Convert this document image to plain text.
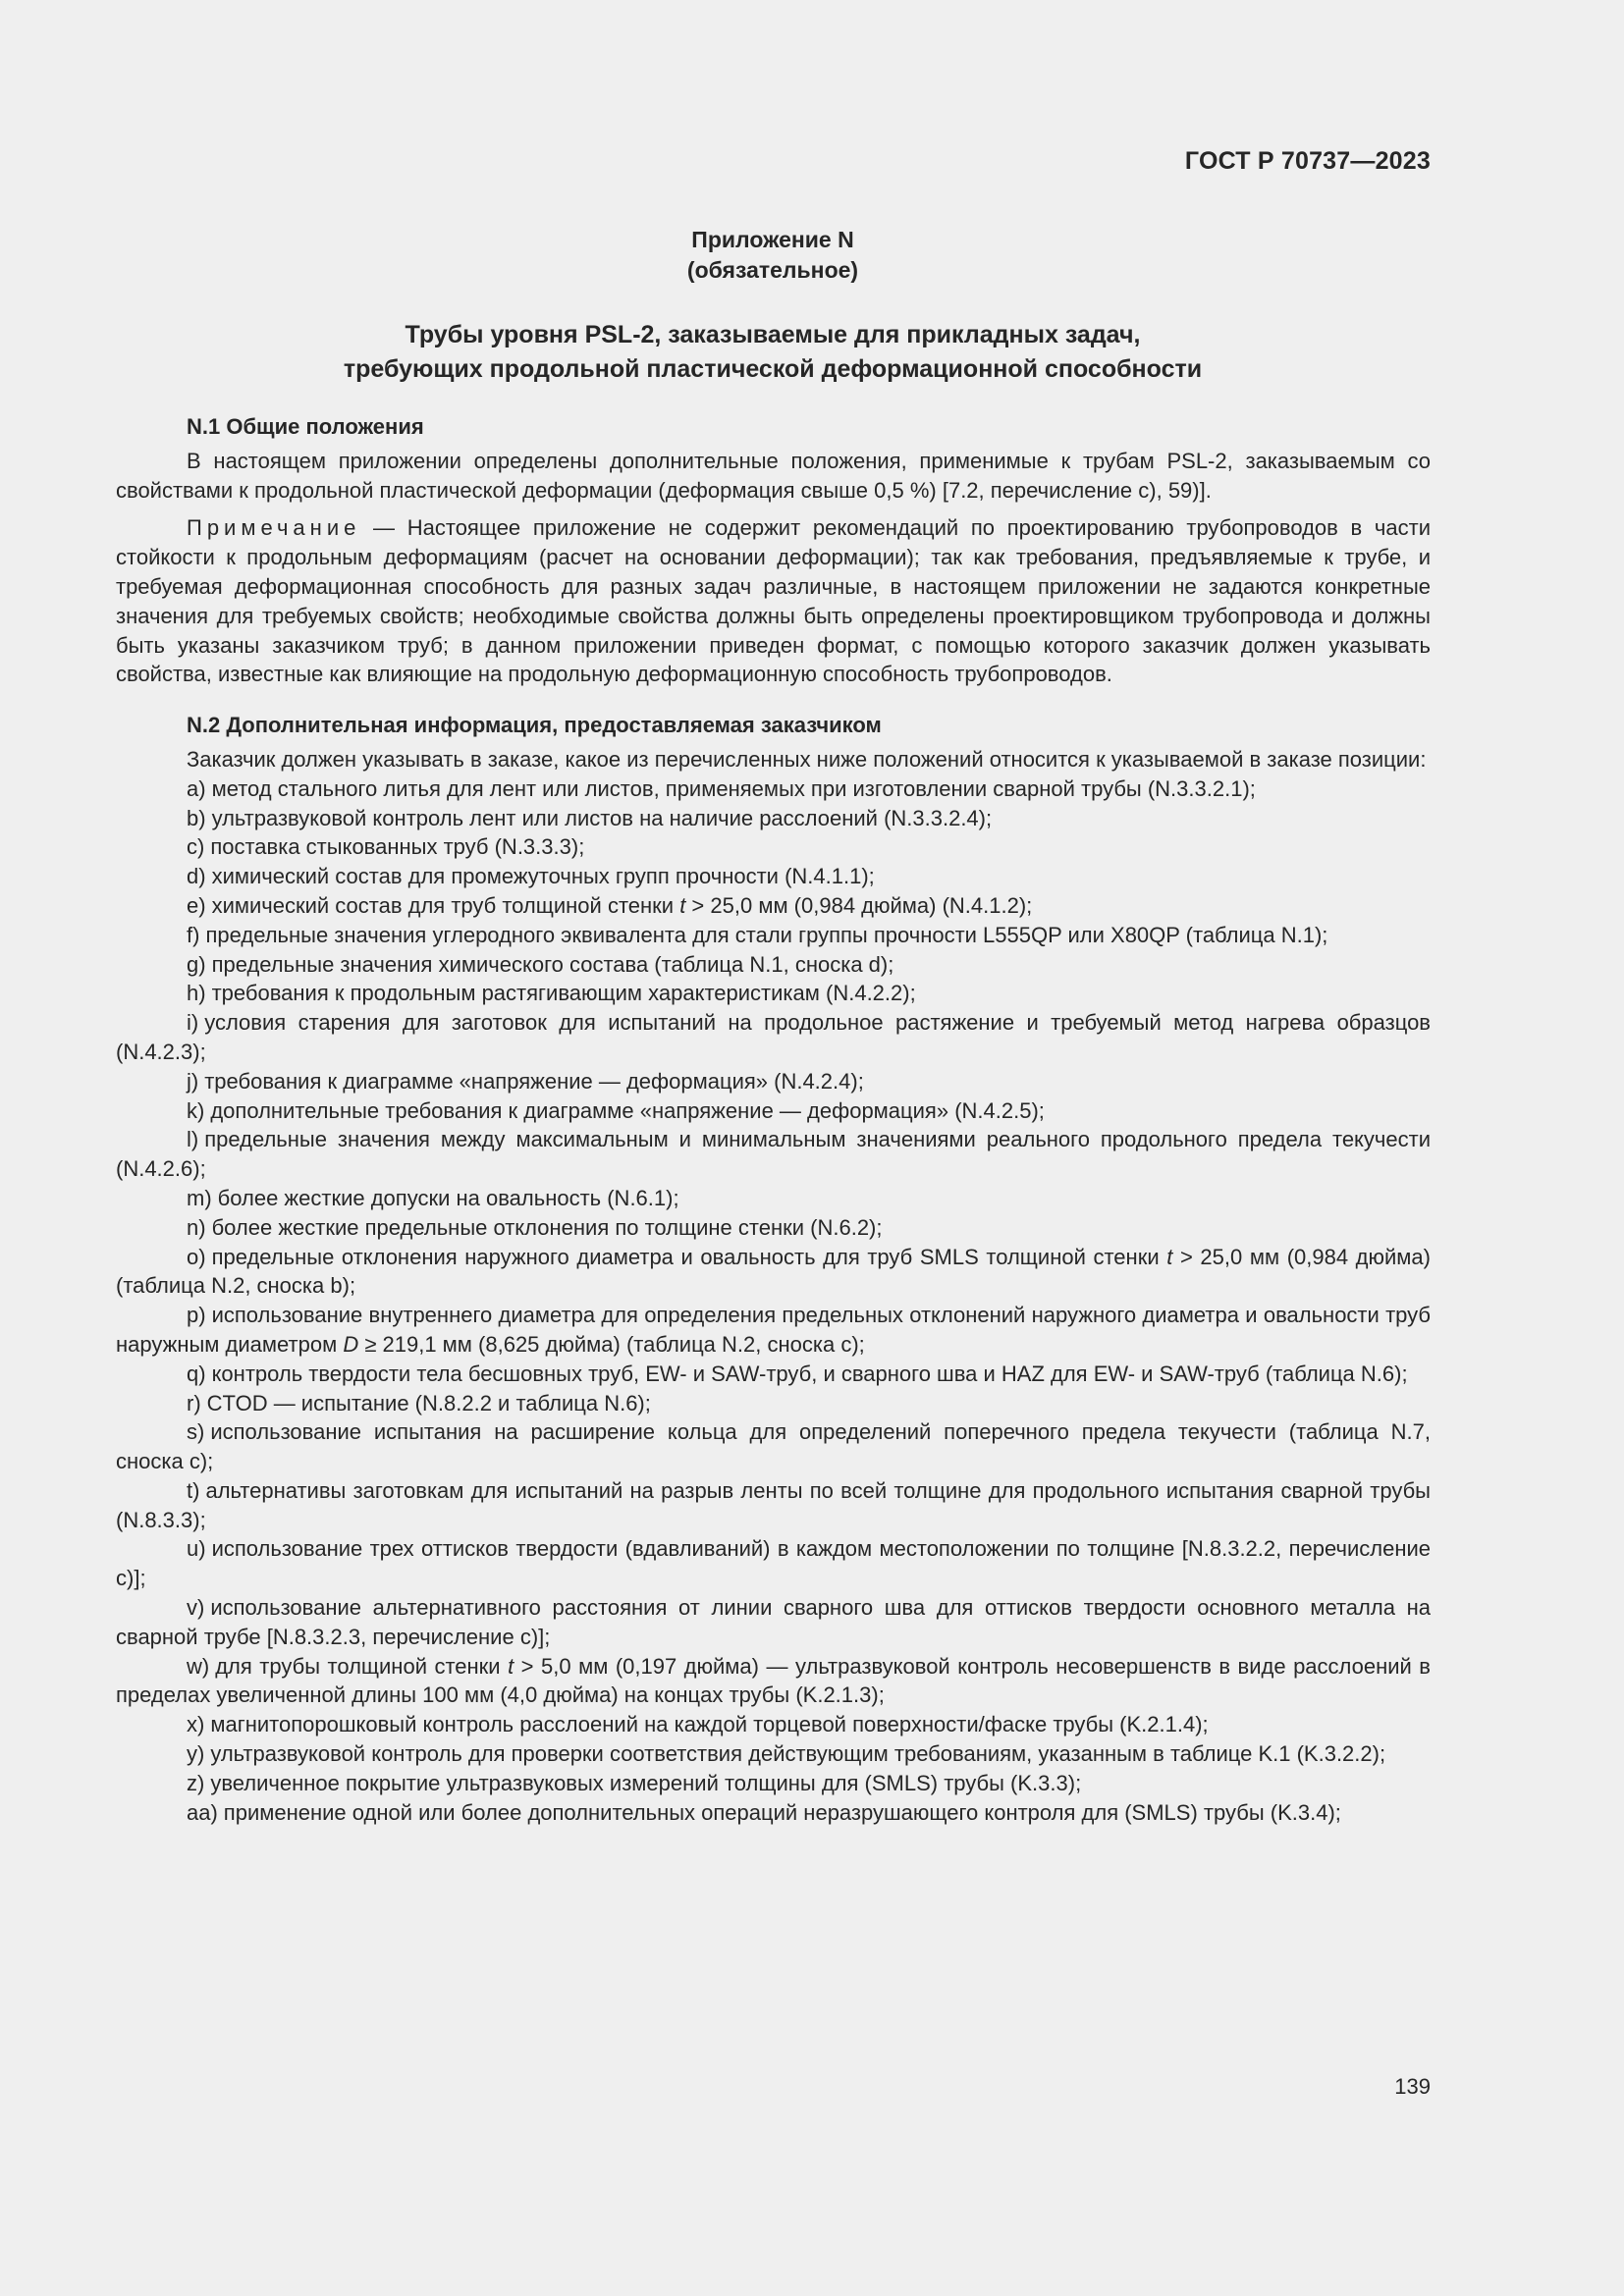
ГОСТ Р 70737—2023
Приложение N
(обязательное)
Трубы уровня PSL-2, заказываемые для прикладных задач,
требующих продольной пластической деформационной способности

N.1 Общие положения

В настоящем приложении определены дополнительные положения, применимые к трубам PSL-2, заказываемым со свойствами к продольной пластической деформации (деформация свыше 0,5 %) [7.2, перечисление c), 59)].

Примечание — Настоящее приложение не содержит рекомендаций по проектированию трубопроводов в части стойкости к продольным деформациям (расчет на основании деформации); так как требования, предъявляемые к трубе, и требуемая деформационная способность для разных задач различные, в настоящем приложении не задаются конкретные значения для требуемых свойств; необходимые свойства должны быть определены проектировщиком трубопровода и должны быть указаны заказчиком труб; в данном приложении приведен формат, с помощью которого заказчик должен указывать свойства, известные как влияющие на продольную деформационную способность трубопроводов.

N.2 Дополнительная информация, предоставляемая заказчиком

Заказчик должен указывать в заказе, какое из перечисленных ниже положений относится к указываемой в заказе позиции:

a) метод стального литья для лент или листов, применяемых при изготовлении сварной трубы (N.3.3.2.1);

b) ультразвуковой контроль лент или листов на наличие расслоений (N.3.3.2.4);

c) поставка стыкованных труб (N.3.3.3);

d) химический состав для промежуточных групп прочности (N.4.1.1);

e) химический состав для труб толщиной стенки t > 25,0 мм (0,984 дюйма) (N.4.1.2);

f) предельные значения углеродного эквивалента для стали группы прочности L555QP или X80QP (таблица N.1);

g) предельные значения химического состава (таблица N.1, сноска d);

h) требования к продольным растягивающим характеристикам (N.4.2.2);

i) условия старения для заготовок для испытаний на продольное растяжение и требуемый метод нагрева образцов (N.4.2.3);

j) требования к диаграмме «напряжение — деформация» (N.4.2.4);

k) дополнительные требования к диаграмме «напряжение — деформация» (N.4.2.5);

l) предельные значения между максимальным и минимальным значениями реального продольного предела текучести (N.4.2.6);

m) более жесткие допуски на овальность (N.6.1);

n) более жесткие предельные отклонения по толщине стенки (N.6.2);

o) предельные отклонения наружного диаметра и овальность для труб SMLS толщиной стенки t > 25,0 мм (0,984 дюйма) (таблица N.2, сноска b);

p) использование внутреннего диаметра для определения предельных отклонений наружного диаметра и овальности труб наружным диаметром D ≥ 219,1 мм (8,625 дюйма) (таблица N.2, сноска c);

q) контроль твердости тела бесшовных труб, EW- и SAW-труб, и сварного шва и HAZ для EW- и SAW-труб (таблица N.6);

r) CTOD — испытание (N.8.2.2 и таблица N.6);

s) использование испытания на расширение кольца для определений поперечного предела текучести (таблица N.7, сноска c);

t) альтернативы заготовкам для испытаний на разрыв ленты по всей толщине для продольного испытания сварной трубы (N.8.3.3);

u) использование трех оттисков твердости (вдавливаний) в каждом местоположении по толщине [N.8.3.2.2, перечисление c)];

v) использование альтернативного расстояния от линии сварного шва для оттисков твердости основного металла на сварной трубе [N.8.3.2.3, перечисление c)];

w) для трубы толщиной стенки t > 5,0 мм (0,197 дюйма) — ультразвуковой контроль несовершенств в виде расслоений в пределах увеличенной длины 100 мм (4,0 дюйма) на концах трубы (K.2.1.3);

x) магнитопорошковый контроль расслоений на каждой торцевой поверхности/фаске трубы (K.2.1.4);

y) ультразвуковой контроль для проверки соответствия действующим требованиям, указанным в таблице K.1 (K.3.2.2);

z) увеличенное покрытие ультразвуковых измерений толщины для (SMLS) трубы (K.3.3);

aa) применение одной или более дополнительных операций неразрушающего контроля для (SMLS) трубы (K.3.4);

139
